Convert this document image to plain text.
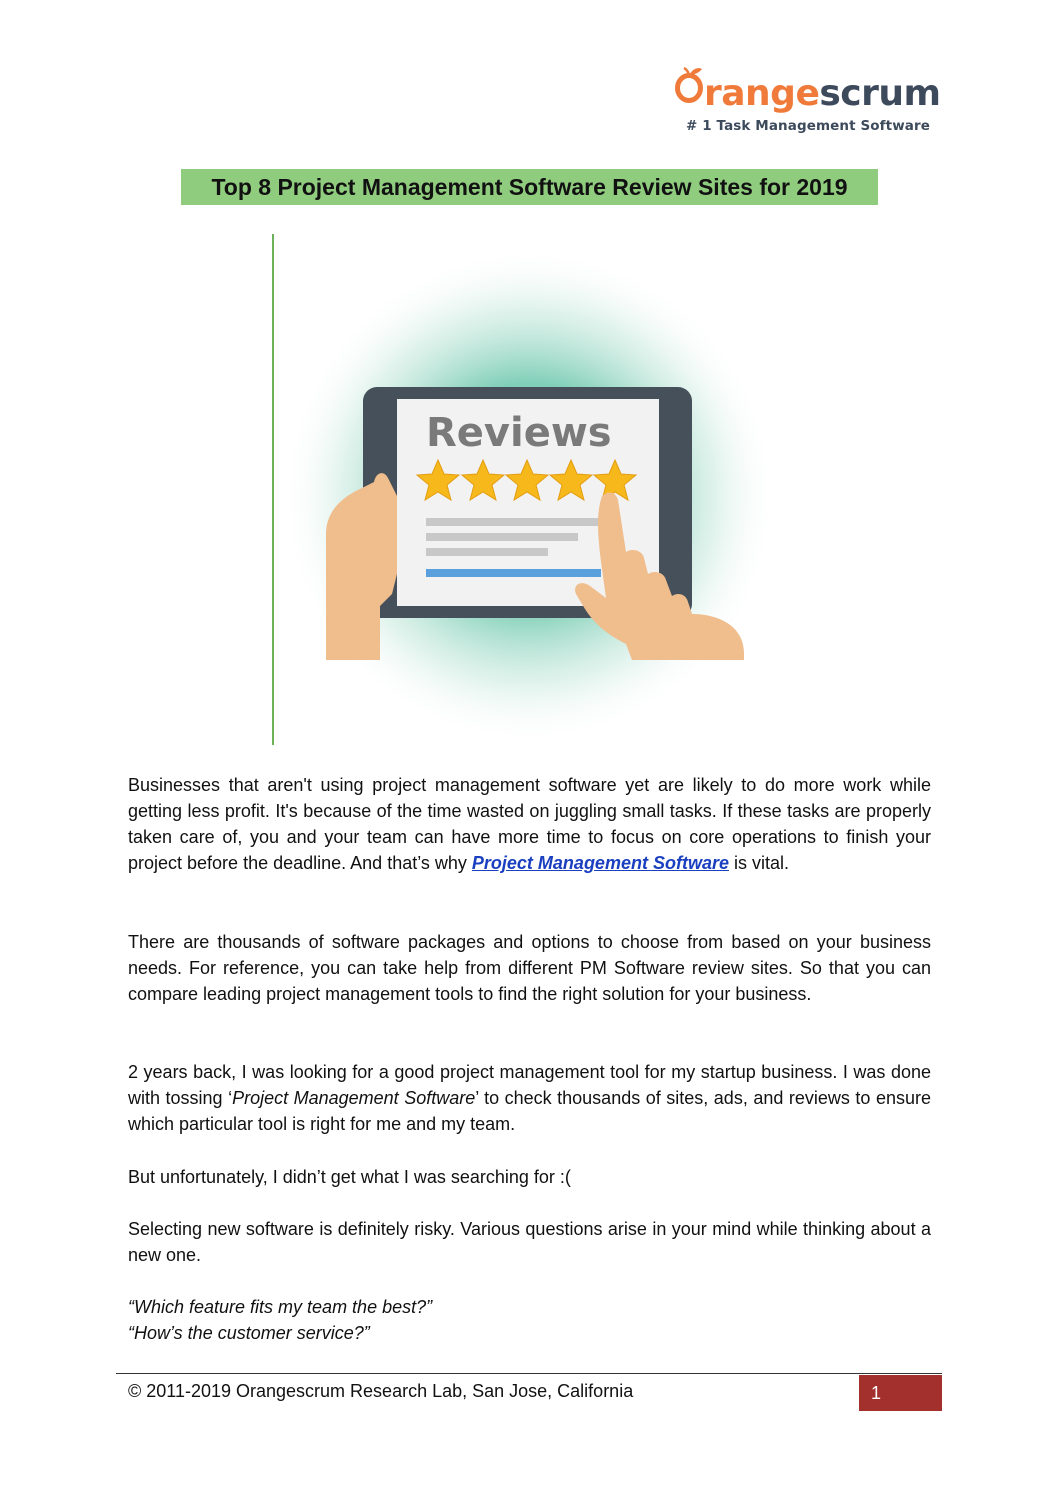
rangescrum
# 1 Task Management Software
Top 8 Project Management Software Review Sites for 2019
Reviews

Businesses that aren't using project management software yet are likely to do more work while getting less profit. It's because of the time wasted on juggling small tasks. If these tasks are properly taken care of, you and your team can have more time to focus on core operations to finish your project before the deadline. And that’s why Project Management Software is vital.

There are thousands of software packages and options to choose from based on your business needs. For reference, you can take help from different PM Software review sites. So that you can compare leading project management tools to find the right solution for your business.

2 years back, I was looking for a good project management tool for my startup business. I was done with tossing ‘Project Management Software’ to check thousands of sites, ads, and reviews to ensure which particular tool is right for me and my team.

But unfortunately, I didn’t get what I was searching for :(

Selecting new software is definitely risky. Various questions arise in your mind while thinking about a new one.

“Which feature fits my team the best?”

“How’s the customer service?”

© 2011-2019 Orangescrum Research Lab, San Jose, California	1
